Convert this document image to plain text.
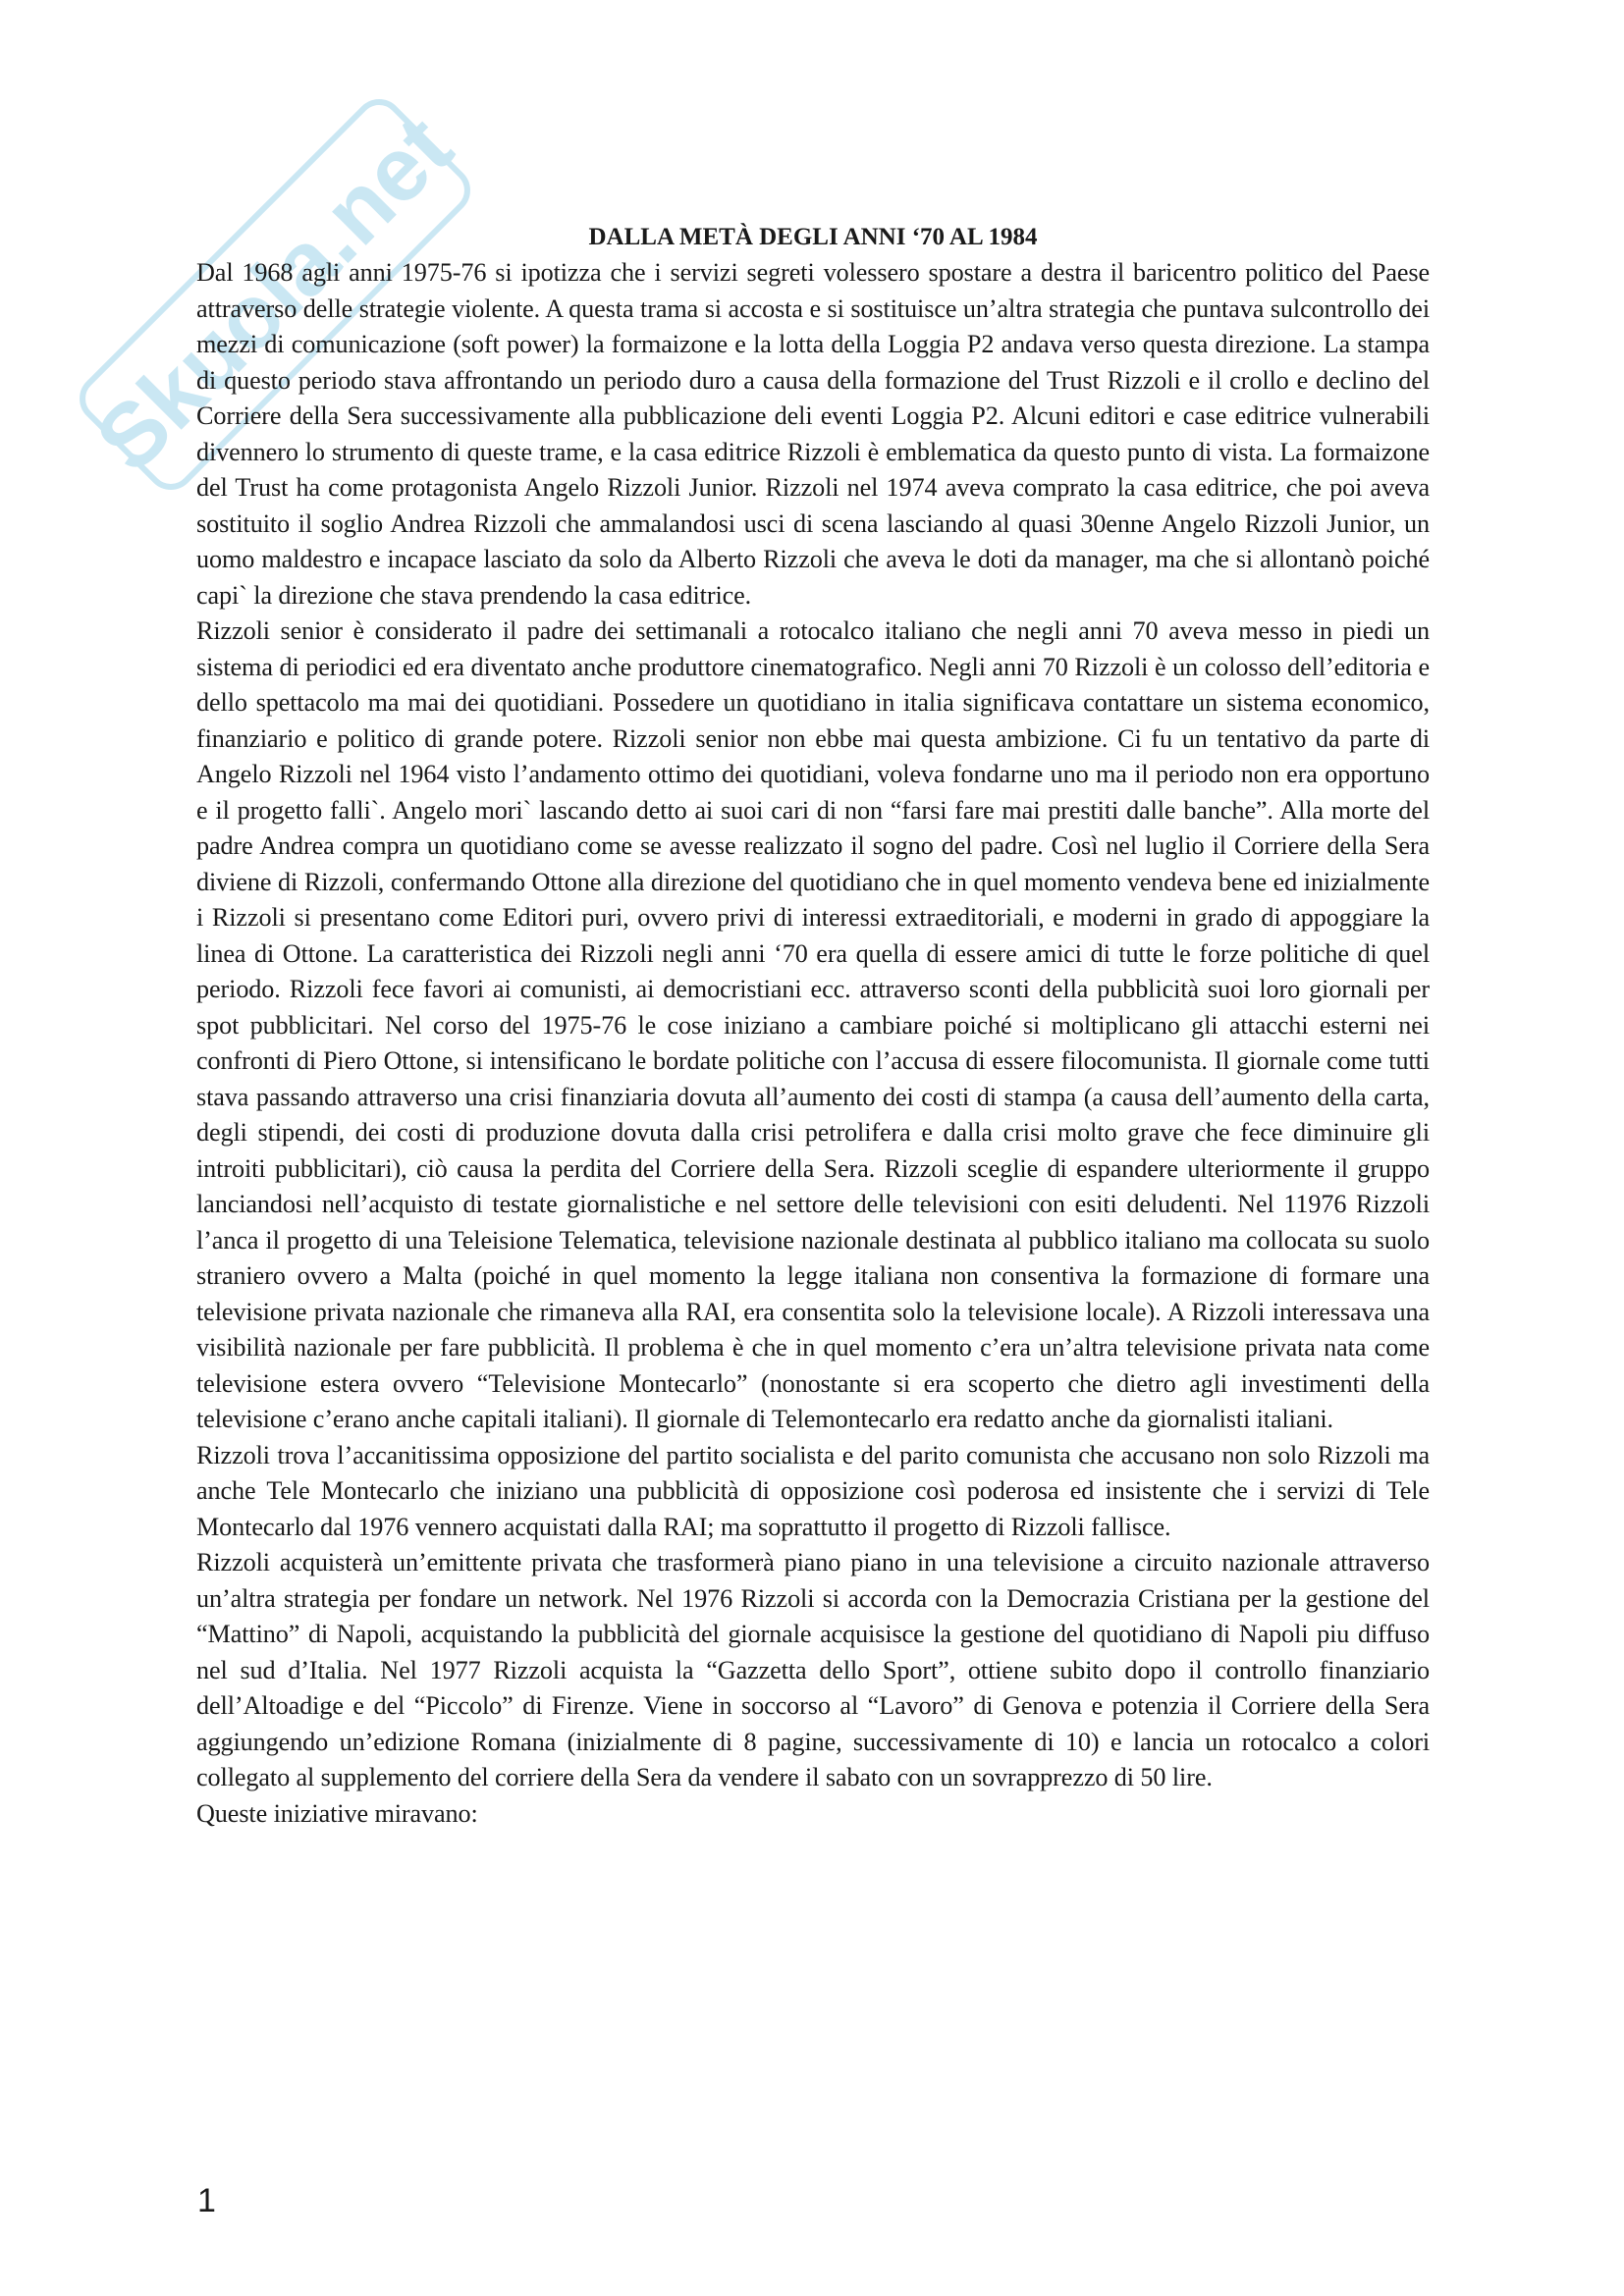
Skuola.net	DALLA METÀ DEGLI ANNI ‘70 AL 1984

Dal 1968 agli anni 1975-76 si ipotizza che i servizi segreti volessero spostare a destra il baricentro politico del Paese attraverso delle strategie violente. A questa trama si accosta e si sostituisce un’altra strategia che puntava sulcontrollo dei mezzi di comunicazione (soft power) la formaizone e la lotta della Loggia P2 andava verso questa direzione. La stampa di questo periodo stava affrontando un periodo duro a causa della formazione del Trust Rizzoli e il crollo e declino del Corriere della Sera successivamente alla pubblicazione deli eventi Loggia P2. Alcuni editori e case editrice vulnerabili divennero lo strumento di queste trame, e la casa editrice Rizzoli è emblematica da questo punto di vista. La formaizone del Trust ha come protagonista Angelo Rizzoli Junior. Rizzoli nel 1974 aveva comprato la casa editrice, che poi aveva sostituito il soglio Andrea Rizzoli che ammalandosi usci di scena lasciando al quasi 30enne Angelo Rizzoli Junior, un uomo maldestro e incapace lasciato da solo da Alberto Rizzoli che aveva le doti da manager, ma che si allontanò poiché capi` la direzione che stava prendendo la casa editrice.

Rizzoli senior è considerato il padre dei settimanali a rotocalco italiano che negli anni 70 aveva messo in piedi un sistema di periodici ed era diventato anche produttore cinematografico. Negli anni 70 Rizzoli è un colosso dell’editoria e dello spettacolo ma mai dei quotidiani. Possedere un quotidiano in italia significava contattare un sistema economico, finanziario e politico di grande potere. Rizzoli senior non ebbe mai questa ambizione. Ci fu un tentativo da parte di Angelo Rizzoli nel 1964 visto l’andamento ottimo dei quotidiani, voleva fondarne uno ma il periodo non era opportuno e il progetto falli`. Angelo mori` lascando detto ai suoi cari di non “farsi fare mai prestiti dalle banche”. Alla morte del padre Andrea compra un quotidiano come se avesse realizzato il sogno del padre. Così nel luglio il Corriere della Sera diviene di Rizzoli, confermando Ottone alla direzione del quotidiano che in quel momento vendeva bene ed inizialmente i Rizzoli si presentano come Editori puri, ovvero privi di interessi extraeditoriali, e moderni in grado di appoggiare la linea di Ottone. La caratteristica dei Rizzoli negli anni ‘70 era quella di essere amici di tutte le forze politiche di quel periodo. Rizzoli fece favori ai comunisti, ai democristiani ecc. attraverso sconti della pubblicità suoi loro giornali per spot pubblicitari. Nel corso del 1975-76 le cose iniziano a cambiare poiché si moltiplicano gli attacchi esterni nei confronti di Piero Ottone, si intensificano le bordate politiche con l’accusa di essere filocomunista. Il giornale come tutti stava passando attraverso una crisi finanziaria dovuta all’aumento dei costi di stampa (a causa dell’aumento della carta, degli stipendi, dei costi di produzione dovuta dalla crisi petrolifera e dalla crisi molto grave che fece diminuire gli introiti pubblicitari), ciò causa la perdita del Corriere della Sera. Rizzoli sceglie di espandere ulteriormente il gruppo lanciandosi nell’acquisto di testate giornalistiche e nel settore delle televisioni con esiti deludenti. Nel 11976 Rizzoli l’anca il progetto di una Teleisione Telematica, televisione nazionale destinata al pubblico italiano ma collocata su suolo straniero ovvero a Malta (poiché in quel momento la legge italiana non consentiva la formazione di formare una televisione privata nazionale che rimaneva alla RAI, era consentita solo la televisione locale). A Rizzoli interessava una visibilità nazionale per fare pubblicità. Il problema è che in quel momento c’era un’altra televisione privata nata come televisione estera ovvero “Televisione Montecarlo” (nonostante si era scoperto che dietro agli investimenti della televisione c’erano anche capitali italiani). Il giornale di Telemontecarlo era redatto anche da giornalisti italiani.

Rizzoli trova l’accanitissima opposizione del partito socialista e del parito comunista che accusano non solo Rizzoli ma anche Tele Montecarlo che iniziano una pubblicità di opposizione così poderosa ed insistente che i servizi di Tele Montecarlo dal 1976 vennero acquistati dalla RAI; ma soprattutto il progetto di Rizzoli fallisce.

Rizzoli acquisterà un’emittente privata che trasformerà piano piano in una televisione a circuito nazionale attraverso un’altra strategia per fondare un network. Nel 1976 Rizzoli si accorda con la Democrazia Cristiana per la gestione del “Mattino” di Napoli, acquistando la pubblicità del giornale acquisisce la gestione del quotidiano di Napoli piu diffuso nel sud d’Italia. Nel 1977 Rizzoli acquista la “Gazzetta dello Sport”, ottiene subito dopo il controllo finanziario dell’Altoadige e del “Piccolo” di Firenze. Viene in soccorso al “Lavoro” di Genova e potenzia il Corriere della Sera aggiungendo un’edizione Romana (inizialmente di 8 pagine, successivamente di 10) e lancia un rotocalco a colori collegato al supplemento del corriere della Sera da vendere il sabato con un sovrapprezzo di 50 lire.

Queste iniziative miravano:

1
